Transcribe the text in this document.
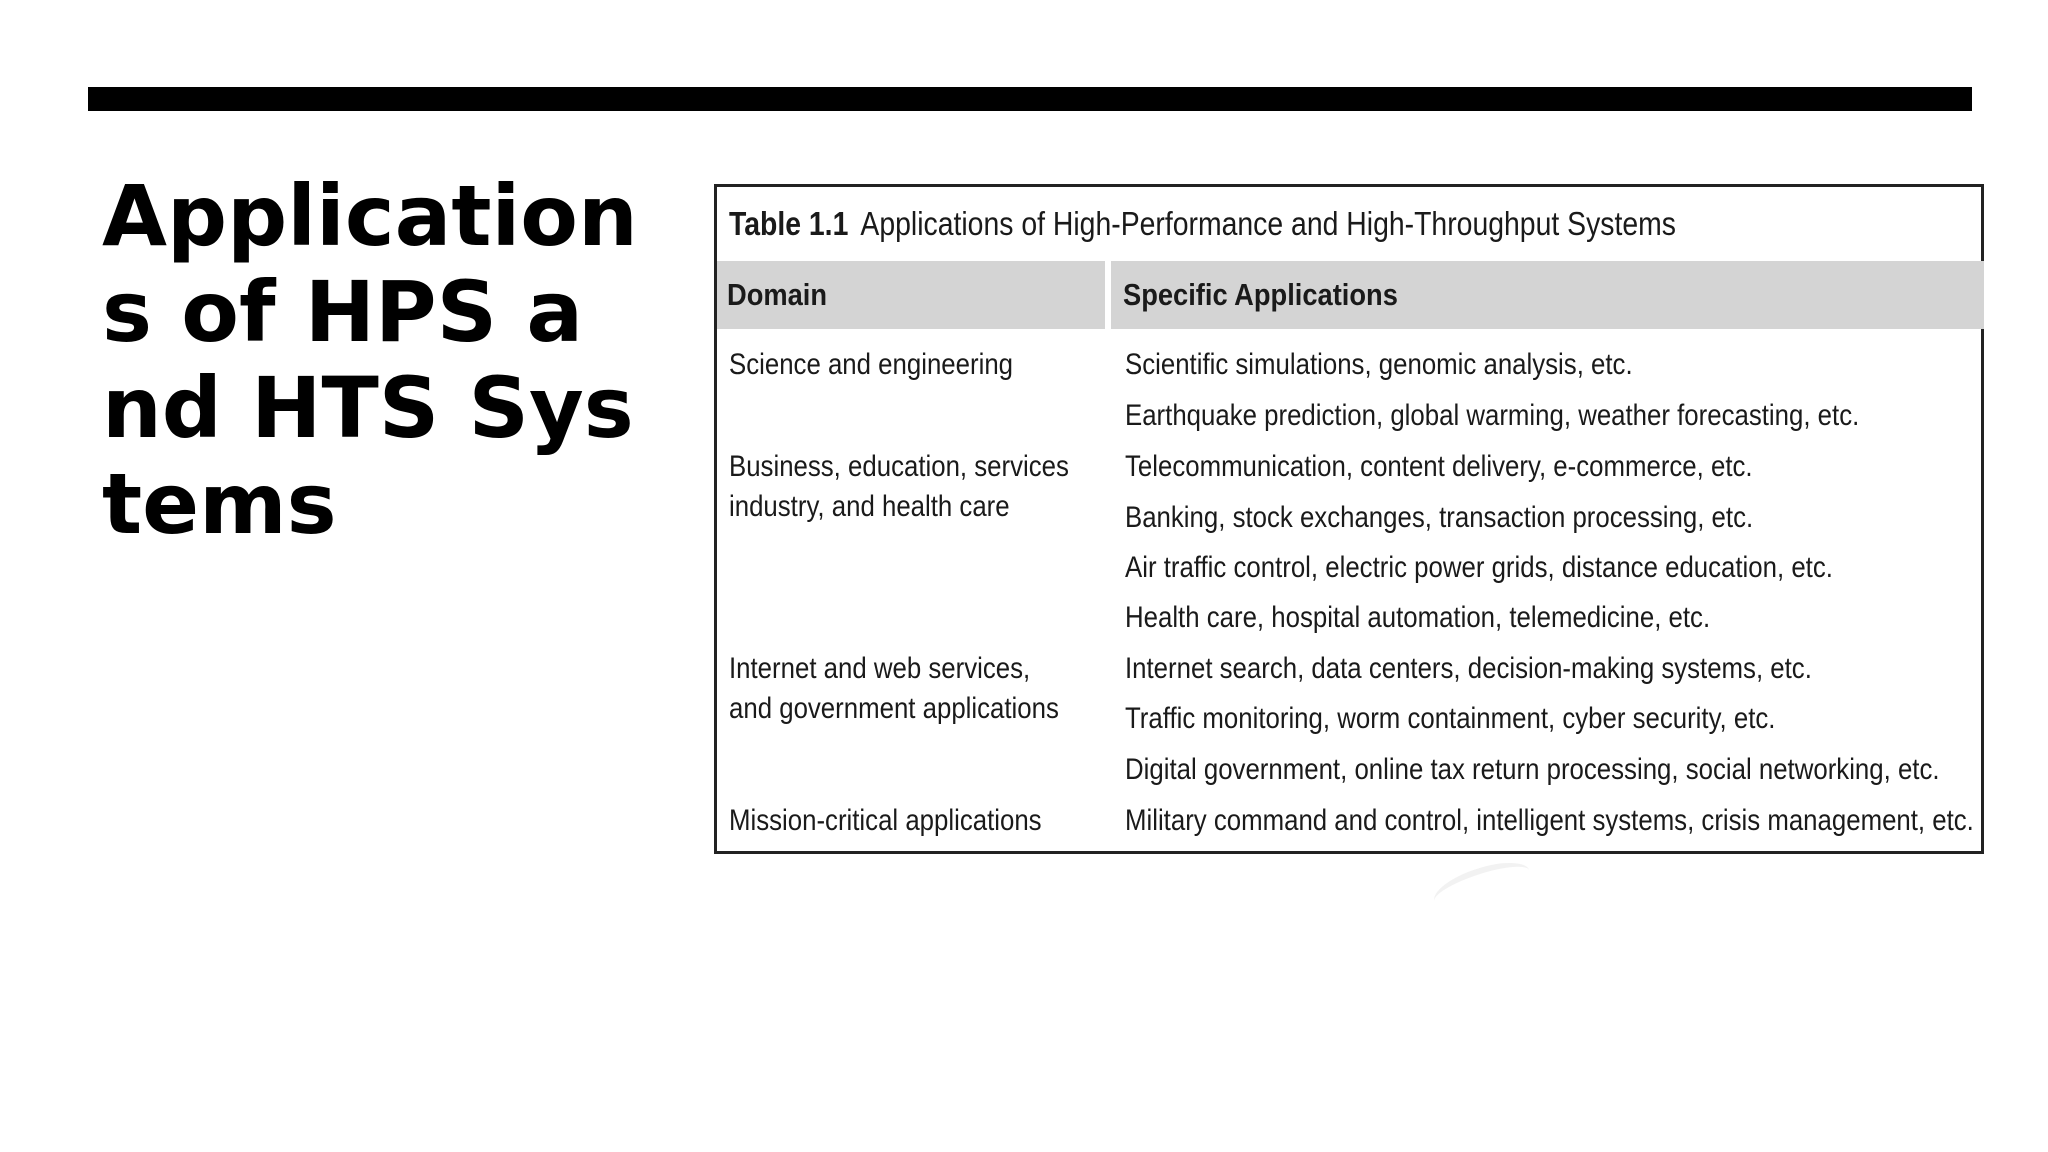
Applications of HPS and HTS Systems
Table 1.1 Applications of High-Performance and High-Throughput Systems
Domain	Specific Applications
Science and engineering
Business, education, services
industry, and health care
Internet and web services,
and government applications
Mission-critical applications
Scientific simulations, genomic analysis, etc.
Earthquake prediction, global warming, weather forecasting, etc.
Telecommunication, content delivery, e-commerce, etc.
Banking, stock exchanges, transaction processing, etc.
Air traffic control, electric power grids, distance education, etc.
Health care, hospital automation, telemedicine, etc.
Internet search, data centers, decision-making systems, etc.
Traffic monitoring, worm containment, cyber security, etc.
Digital government, online tax return processing, social networking, etc.
Military command and control, intelligent systems, crisis management, etc.
